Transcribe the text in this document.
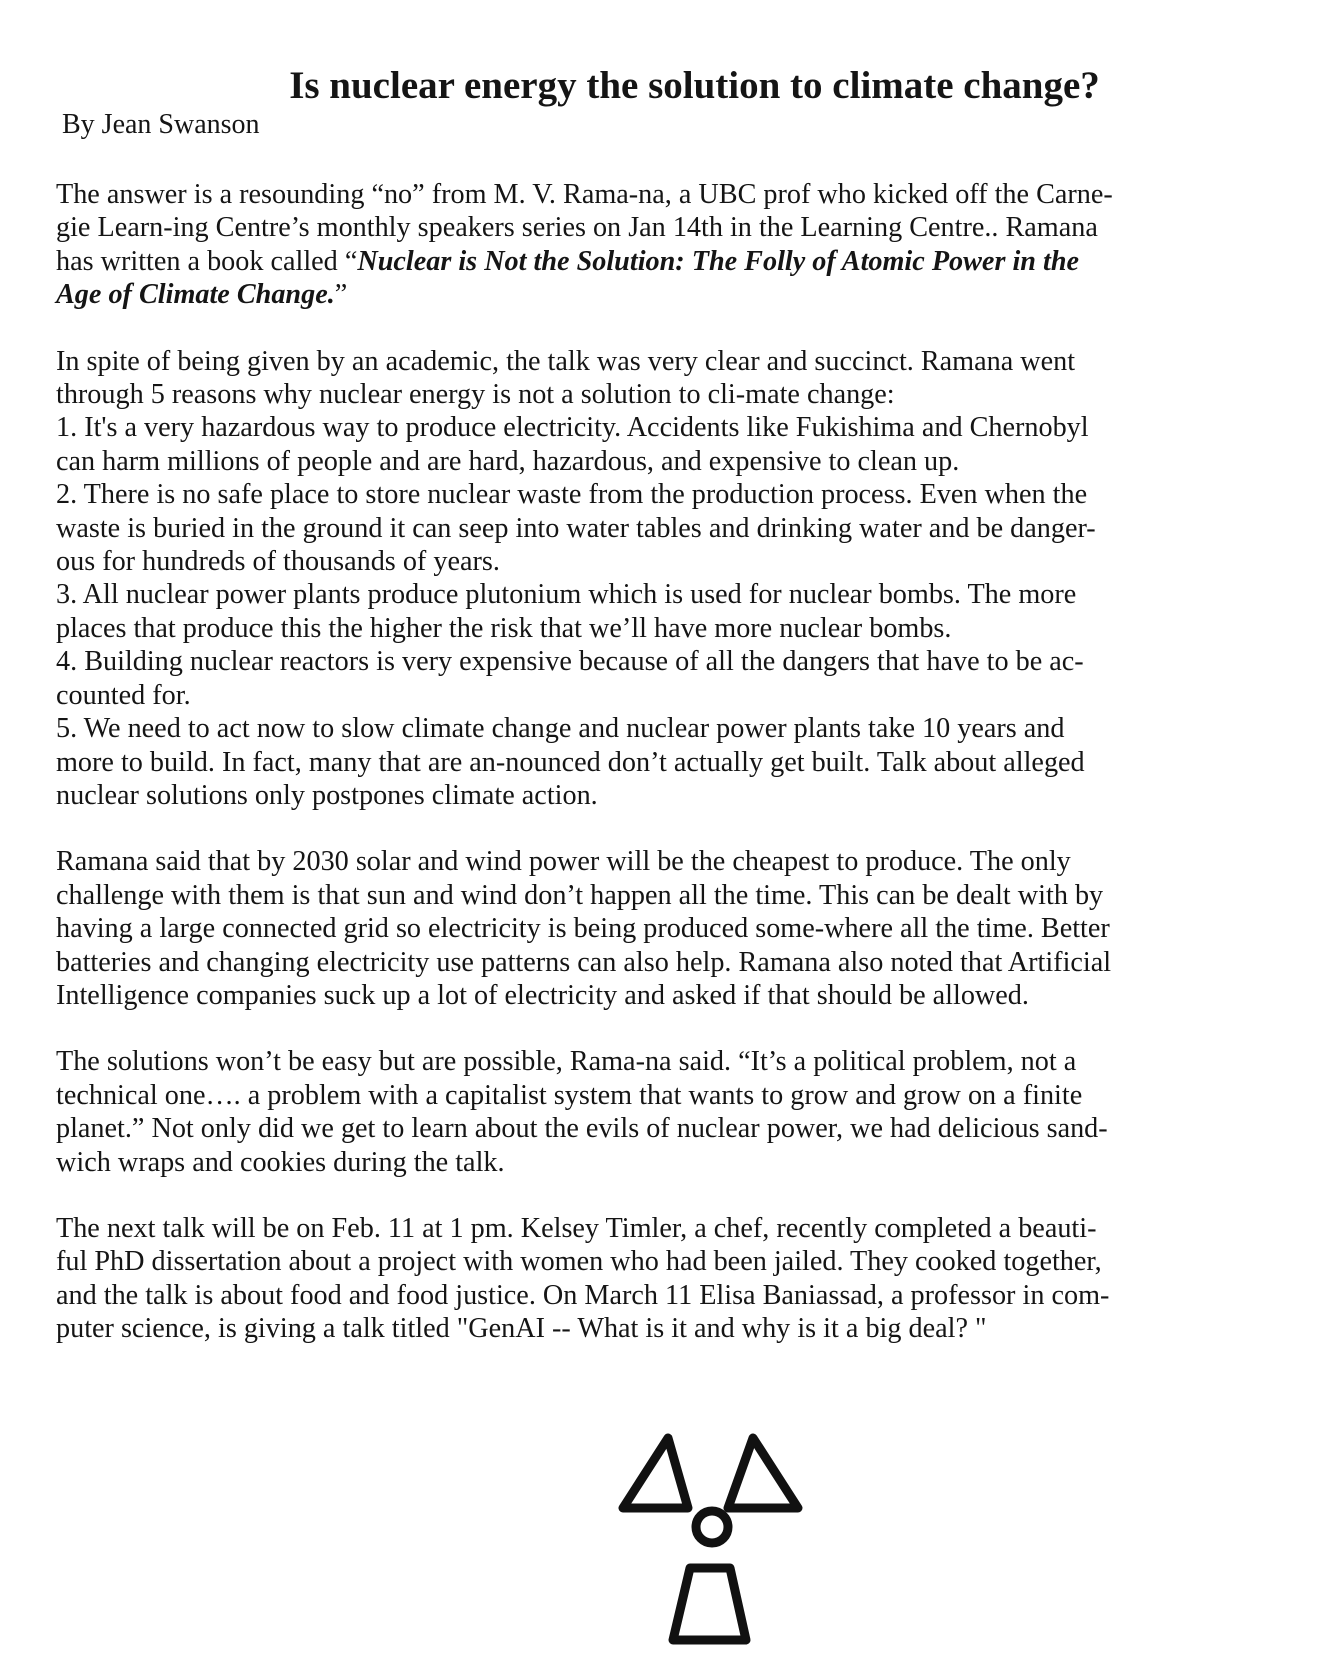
Is nuclear energy the solution to climate change?
By Jean Swanson
The answer is a resounding “no” from M. V. Rama-na, a UBC prof who kicked off the Carne-
gie Learn-ing Centre’s monthly speakers series on Jan 14th in the Learning Centre.. Ramana
has written a book called “Nuclear is Not the Solution: The Folly of Atomic Power in the
Age of Climate Change.”
In spite of being given by an academic, the talk was very clear and succinct. Ramana went
through 5 reasons why nuclear energy is not a solution to cli-mate change:
1. It's a very hazardous way to produce electricity. Accidents like Fukishima and Chernobyl
can harm millions of people and are hard, hazardous, and expensive to clean up.
2. There is no safe place to store nuclear waste from the production process. Even when the
waste is buried in the ground it can seep into water tables and drinking water and be danger-
ous for hundreds of thousands of years.
3. All nuclear power plants produce plutonium which is used for nuclear bombs. The more
places that produce this the higher the risk that we’ll have more nuclear bombs.
4. Building nuclear reactors is very expensive because of all the dangers that have to be ac-
counted for.
5. We need to act now to slow climate change and nuclear power plants take 10 years and
more to build. In fact, many that are an-nounced don’t actually get built. Talk about alleged
nuclear solutions only postpones climate action.
Ramana said that by 2030 solar and wind power will be the cheapest to produce. The only
challenge with them is that sun and wind don’t happen all the time. This can be dealt with by
having a large connected grid so electricity is being produced some-where all the time. Better
batteries and changing electricity use patterns can also help. Ramana also noted that Artificial
Intelligence companies suck up a lot of electricity and asked if that should be allowed.
The solutions won’t be easy but are possible, Rama-na said. “It’s a political problem, not a
technical one…. a problem with a capitalist system that wants to grow and grow on a finite
planet.” Not only did we get to learn about the evils of nuclear power, we had delicious sand-
wich wraps and cookies during the talk.
The next talk will be on Feb. 11 at 1 pm. Kelsey Timler, a chef, recently completed a beauti-
ful PhD dissertation about a project with women who had been jailed. They cooked together,
and the talk is about food and food justice. On March 11 Elisa Baniassad, a professor in com-
puter science, is giving a talk titled "GenAI -- What is it and why is it a big deal? "
